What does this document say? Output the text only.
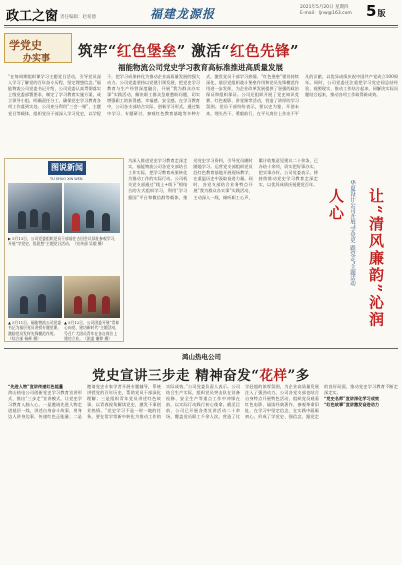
政工之窗 责任编辑：赵希德	福建龙源报	2021年5月20日 星期四
E-mail：ljnw@163.com 5版
学党史
办实事 筑牢“红色堡垒” 激活“红色先锋”
福能物流公司党史学习教育高标准推进高质量发展
“在每周期组织课学习主题党日活动，引导党员深入学习了解党的百年奋斗历程，坚定理想信念。”福能物流公司党委书记介绍，公司党委认真贯彻落实上级党委部署要求，制定了学习教育实施方案，成立领导小组，明确责任分工，确保党史学习教育各项工作落到实处。公司充分利用“三会一课”、主题党日等载体，组织党员干部深入学习党史，以学促干，把学习成果转化为推动企业高质量发展的强大动力。公司党委坚持以党建引领发展，把党史学习教育与生产经营深度融合，开展“我为群众办实事”实践活动，解决职工群众急难愁盼问题，切实增强职工的获得感、幸福感、安全感。在学习教育中，公司各支部结合实际，创新学习形式，通过集中学习、专题研讨、参观红色教育基地等多种方式，激发党员干部学习热情。“红色堡垒”建设持续深化，基层党组织战斗堡垒作用和党员先锋模范作用进一步发挥，为企业改革发展提供了坚强的政治保证和组织保证。公司还组织开展了党史知识竞赛、红色观影、讲党课等活动，营造了浓厚的学习氛围。党员干部纷纷表示，要以史为鉴、开创未来，埋头苦干、勇毅前行，在平凡岗位上作出不平凡的贡献，以优异成绩庆祝中国共产党成立100周年。同时，公司党委还注重把学习党史同总结经验、观照现实、推动工作结合起来，同解决实际问题结合起来，推动各项工作取得新成效。
图说新闻
TU SHUO XIN WEN
▶ 5月13日，公司党委组织党员干部前往古田会议旧址参观学习，开展“学党史、悟思想”主题党日活动。（宣传部 吴毅 摄）
▲ 5月11日，福能物流公司党委书记为基层党员讲授专题党课，激励党员发挥先锋模范作用。（综合部 杨辉 摄）
▲ 5月12日，公司团委开展“青春心向党、建功新时代”主题活动，号召广大团员青年在各自岗位上建功立业。（团委 谢婷 摄）
为深入推进党史学习教育走深走实，福能物流公司各党支部结合工作实际，把学习教育成果转化为推动工作的实际行动。公司机关党支部通过“线上+线下”相结合的方式组织学习，利用“学习强国”平台和微信群等载体，推送党史学习资料，引导党员随时随地学习。运营党支部组织党员赴红色教育基地开展现场教学，在重温历史中汲取奋进力量。同时，各党支部结合业务特点开展“我为群众办实事”实践活动，主动深入一线，倾听职工心声，累计收集意见建议二十余条，已办结十余项，切实把好事办实、把实事办好。公司党委表示，将持续推动党史学习教育走深走实，以优异成绩庆祝建党百年。	华夏设计公司开展“学党史 跟党走”主题活动 让“清风廉韵”沁润人心
鸿山热电公司
党史宣讲三步走 精神奋发“花样”多
“先进人物”宣讲传递红色能量
鸿山热电公司创新党史学习教育宣讲形式，推出“三步走”宣讲模式，让党史学习教育入脑入心。一是邀请先进人物走进基层一线，讲述自身奋斗故事，用身边人讲身边事，传递红色正能量；二是邀请党史专家学者开展专题辅导，系统讲授党的百年历史，帮助党员干部深化理解；三是组织青年党员讲述红色故事，以青春视角解读党史，激发干事创业热情。“党史学习不是一时一地的任务，要在常学常新中转化为推动工作的实际成效。”公司党委负责人表示。公司结合生产实际，组织党员突击队在设备检修、安全生产等重点工作中冲锋在前，以实际行动践行初心使命。截至目前，公司已开展各类宣讲活动二十余场，覆盖党员职工千余人次，营造了比学赶超的浓厚氛围，为企业高质量发展注入了强劲动力。公司各党支部也结合自身特点开展特色活动，组织党员观看红色电影、诵读经典著作、参观革命旧址，在学习中坚定信念，在实践中砥砺初心，形成了学党史、强信念、跟党走的良好局面，推动党史学习教育不断走深走实。
“党史名师”宣讲深化学习成效
“红色故事”宣讲激发奋进动力
